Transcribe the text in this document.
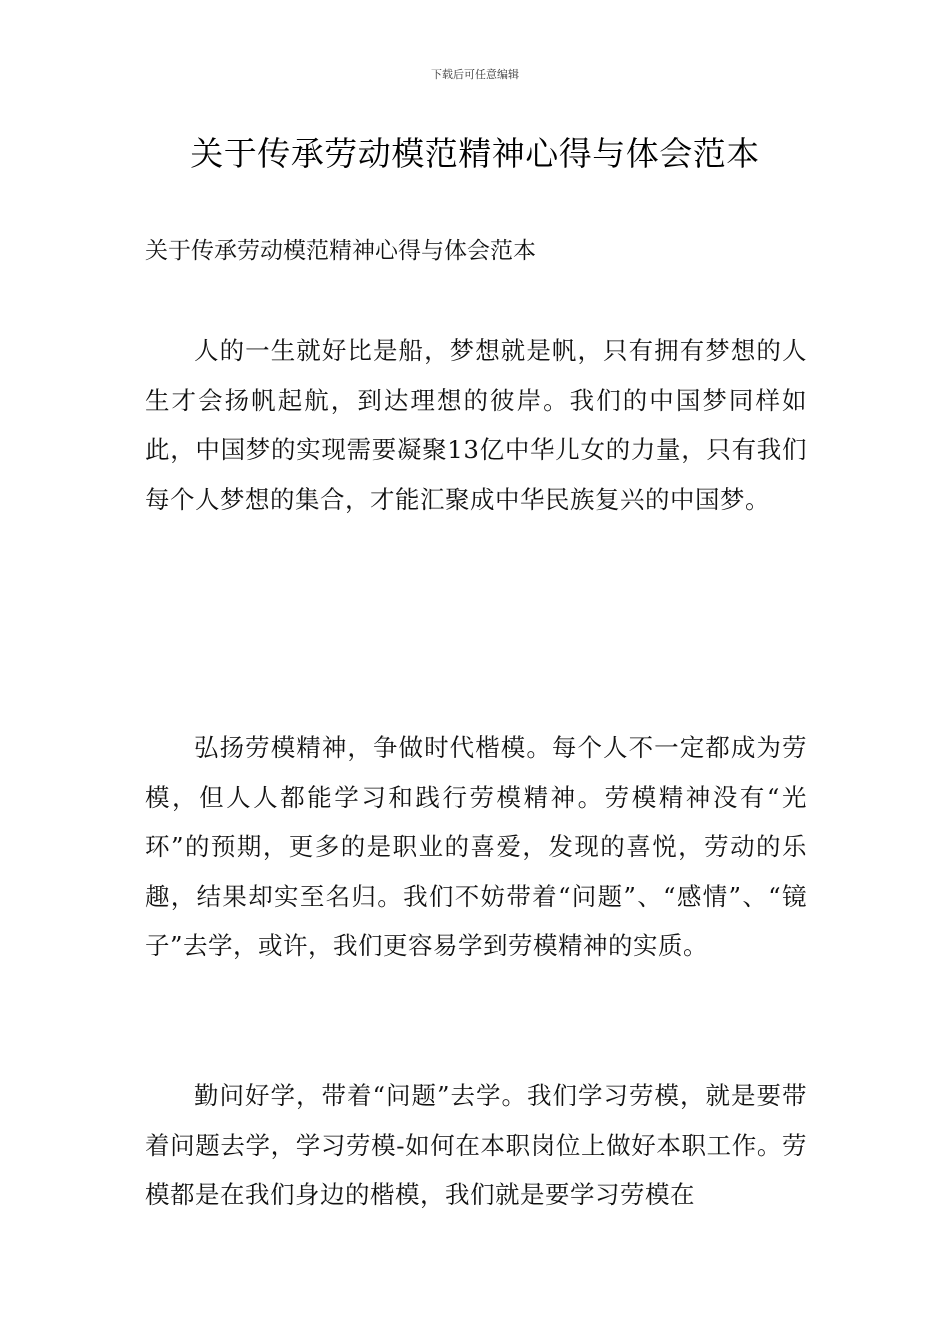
下载后可任意编辑
关于传承劳动模范精神心得与体会范本
关于传承劳动模范精神心得与体会范本

人的一生就好比是船，梦想就是帆，只有拥有梦想的人生才会扬帆起航，到达理想的彼岸。我们的中国梦同样如此，中国梦的实现需要凝聚13亿中华儿女的力量，只有我们每个人梦想的集合，才能汇聚成中华民族复兴的中国梦。

弘扬劳模精神，争做时代楷模。每个人不一定都成为劳模，但人人都能学习和践行劳模精神。劳模精神没有“光环”的预期，更多的是职业的喜爱，发现的喜悦，劳动的乐趣，结果却实至名归。我们不妨带着“问题”、“感情”、“镜子”去学，或许，我们更容易学到劳模精神的实质。

勤问好学，带着“问题”去学。我们学习劳模，就是要带着问题去学，学习劳模-如何在本职岗位上做好本职工作。劳模都是在我们身边的楷模，我们就是要学习劳模在
